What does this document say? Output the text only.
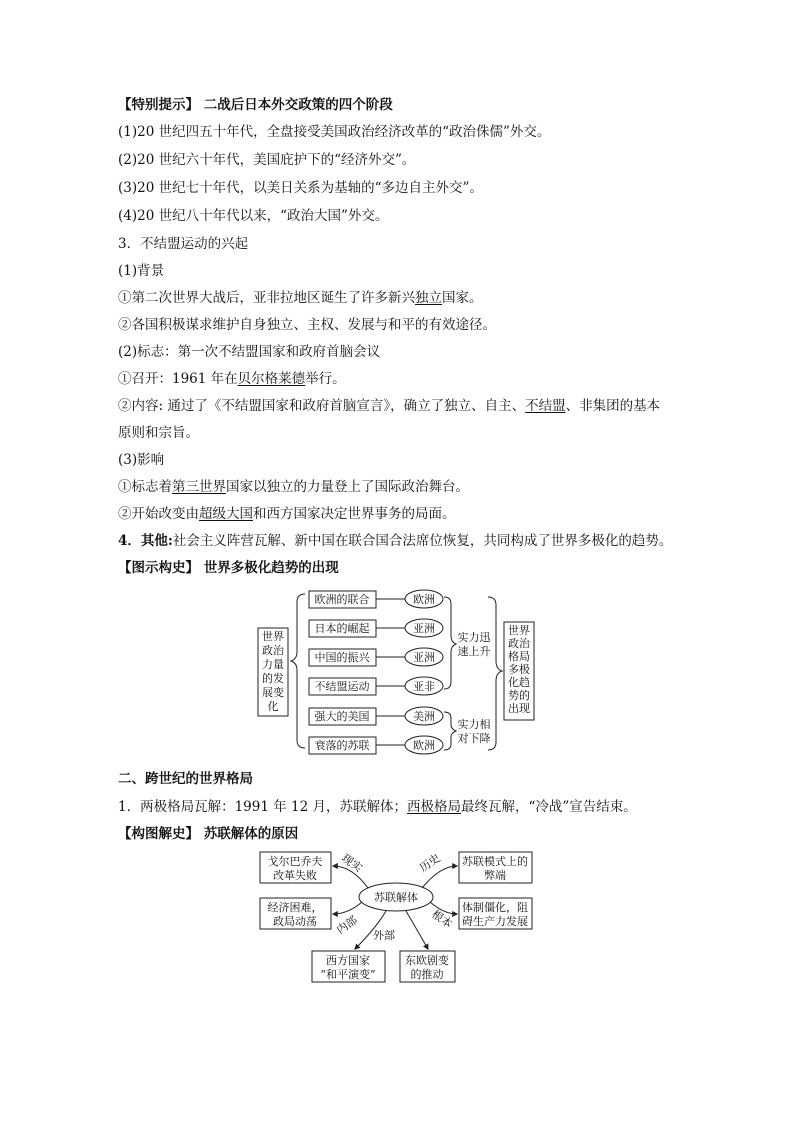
【特别提示】 二战后日本外交政策的四个阶段
(1)20 世纪四五十年代，全盘接受美国政治经济改革的“政治侏儒”外交。
(2)20 世纪六十年代，美国庇护下的“经济外交”。
(3)20 世纪七十年代，以美日关系为基轴的“多边自主外交”。
(4)20 世纪八十年代以来，“政治大国”外交。
3．不结盟运动的兴起
(1)背景
①第二次世界大战后，亚非拉地区诞生了许多新兴独立国家。
②各国积极谋求维护自身独立、主权、发展与和平的有效途径。
(2)标志：第一次不结盟国家和政府首脑会议
①召开：1961 年在贝尔格莱德举行。
②内容: 通过了《不结盟国家和政府首脑宣言》，确立了独立、自主、不结盟、非集团的基本
原则和宗旨。
(3)影响
①标志着第三世界国家以独立的力量登上了国际政治舞台。
②开始改变由超级大国和西方国家决定世界事务的局面。
4．其他:社会主义阵营瓦解、新中国在联合国合法席位恢复，共同构成了世界多极化的趋势。
【图示构史】 世界多极化趋势的出现
世界
政治
力量
的发
展变
化
欧洲的联合
日本的崛起
中国的振兴
不结盟运动
强大的美国
衰落的苏联
欧洲
亚洲
亚洲
亚非
美洲
欧洲
实力迅
速上升
实力相
对下降
世界
政治
格局
多极
化趋
势的
出现
二、跨世纪的世界格局
1．两极格局瓦解：1991 年 12 月，苏联解体；西极格局最终瓦解，“冷战”宣告结束。
【构图解史】 苏联解体的原因
苏联解体
戈尔巴乔夫
改革失败
经济困难，
政局动荡
西方国家
“和平演变”
苏联模式上的
弊端
体制僵化，阻
碍生产力发展
东欧剧变
的推动
现实
内部 外部
历史
根本
